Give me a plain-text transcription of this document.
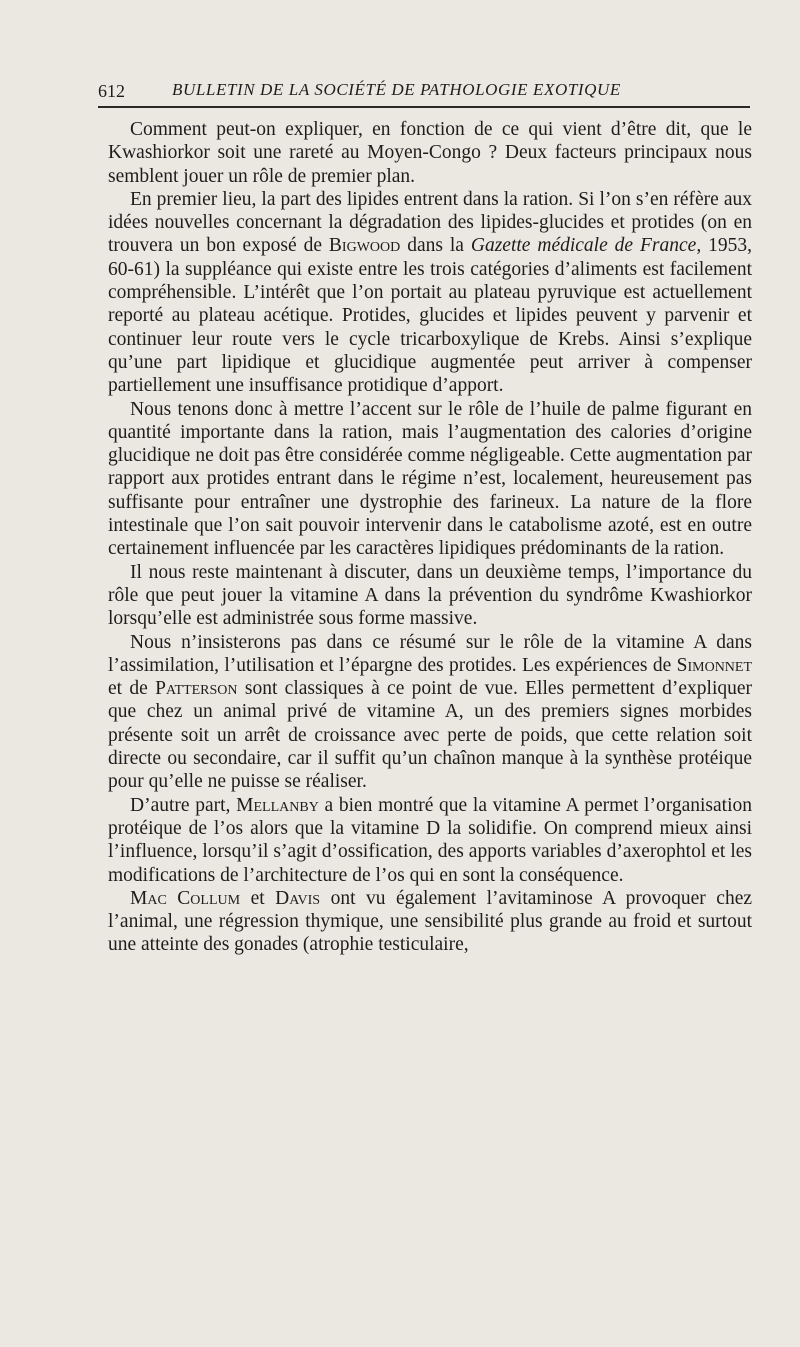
612	BULLETIN DE LA SOCIÉTÉ DE PATHOLOGIE EXOTIQUE

Comment peut-on expliquer, en fonction de ce qui vient d’être dit, que le Kwashiorkor soit une rareté au Moyen-Congo ? Deux facteurs principaux nous semblent jouer un rôle de premier plan.

En premier lieu, la part des lipides entrent dans la ration. Si l’on s’en réfère aux idées nouvelles concernant la dégradation des lipides-glucides et protides (on en trouvera un bon exposé de Bigwood dans la Gazette médicale de France, 1953, 60-61) la suppléance qui existe entre les trois catégories d’aliments est facilement compréhensible. L’intérêt que l’on portait au plateau pyruvique est actuellement reporté au plateau acétique. Protides, glucides et lipides peuvent y parvenir et continuer leur route vers le cycle tricarboxylique de Krebs. Ainsi s’explique qu’une part lipidique et glucidique augmentée peut arriver à compenser partiellement une insuffisance protidique d’apport.

Nous tenons donc à mettre l’accent sur le rôle de l’huile de palme figurant en quantité importante dans la ration, mais l’augmentation des calories d’origine glucidique ne doit pas être considérée comme négligeable. Cette augmentation par rapport aux protides entrant dans le régime n’est, localement, heureusement pas suffisante pour entraîner une dystrophie des farineux. La nature de la flore intestinale que l’on sait pouvoir intervenir dans le catabolisme azoté, est en outre certainement influencée par les caractères lipidiques prédominants de la ration.

Il nous reste maintenant à discuter, dans un deuxième temps, l’importance du rôle que peut jouer la vitamine A dans la prévention du syndrôme Kwashiorkor lorsqu’elle est administrée sous forme massive.

Nous n’insisterons pas dans ce résumé sur le rôle de la vitamine A dans l’assimilation, l’utilisation et l’épargne des protides. Les expériences de Simonnet et de Patterson sont classiques à ce point de vue. Elles permettent d’expliquer que chez un animal privé de vitamine A, un des premiers signes morbides présente soit un arrêt de croissance avec perte de poids, que cette relation soit directe ou secondaire, car il suffit qu’un chaînon manque à la synthèse protéique pour qu’elle ne puisse se réaliser.

D’autre part, Mellanby a bien montré que la vitamine A permet l’organisation protéique de l’os alors que la vitamine D la solidifie. On comprend mieux ainsi l’influence, lorsqu’il s’agit d’ossification, des apports variables d’axerophtol et les modifications de l’architecture de l’os qui en sont la conséquence.

Mac Collum et Davis ont vu également l’avitaminose A provoquer chez l’animal, une régression thymique, une sensibilité plus grande au froid et surtout une atteinte des gonades (atrophie testiculaire,
